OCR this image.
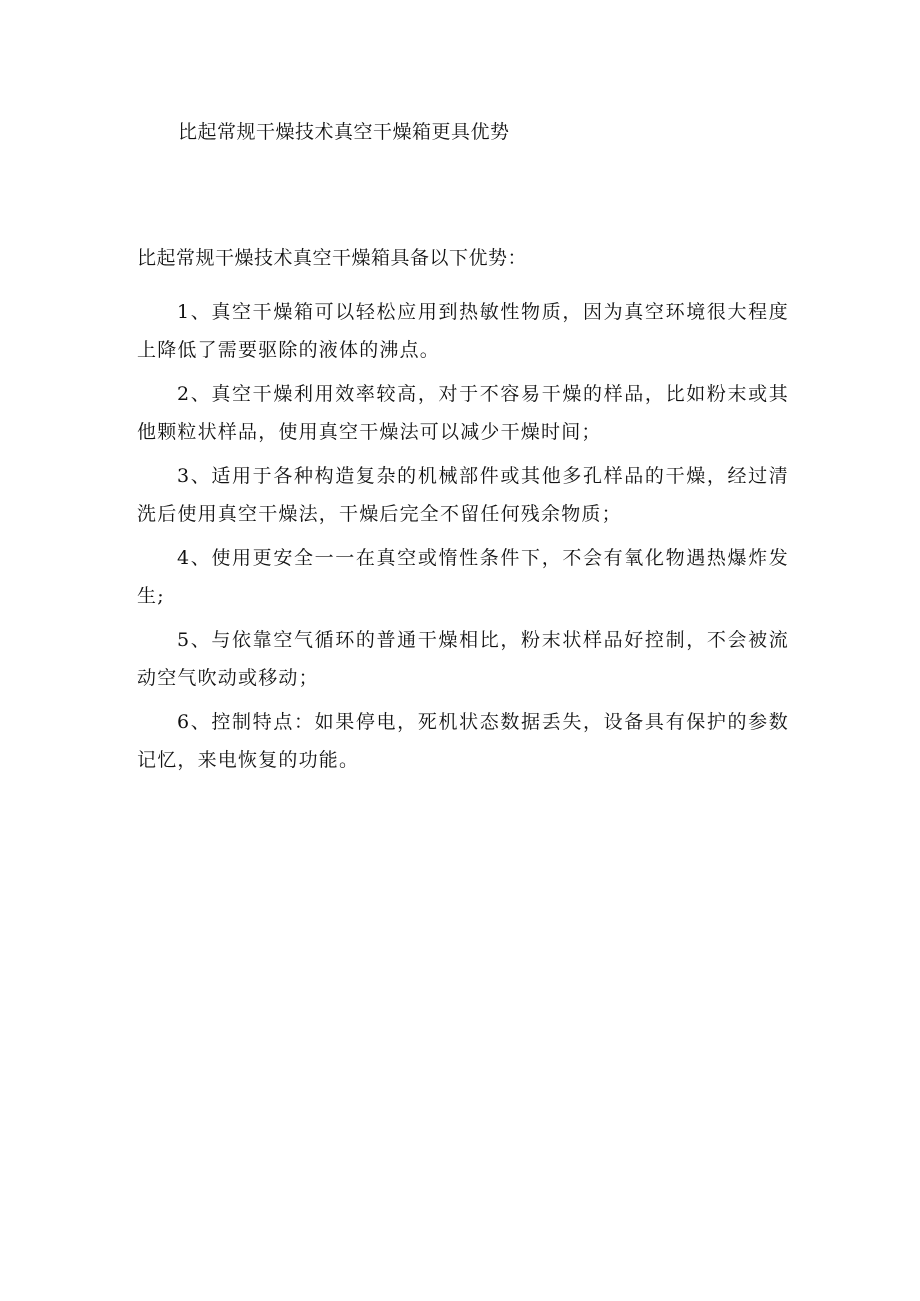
比起常规干燥技术真空干燥箱更具优势
比起常规干燥技术真空干燥箱具备以下优势：
1、真空干燥箱可以轻松应用到热敏性物质，因为真空环境很大程度上降低了需要驱除的液体的沸点。
2、真空干燥利用效率较高，对于不容易干燥的样品，比如粉末或其他颗粒状样品，使用真空干燥法可以减少干燥时间；
3、适用于各种构造复杂的机械部件或其他多孔样品的干燥，经过清洗后使用真空干燥法，干燥后完全不留任何残余物质；
4、使用更安全一一在真空或惰性条件下，不会有氧化物遇热爆炸发生;
5、与依靠空气循环的普通干燥相比，粉末状样品好控制，不会被流动空气吹动或移动；
6、控制特点：如果停电，死机状态数据丢失，设备具有保护的参数记忆，来电恢复的功能。
